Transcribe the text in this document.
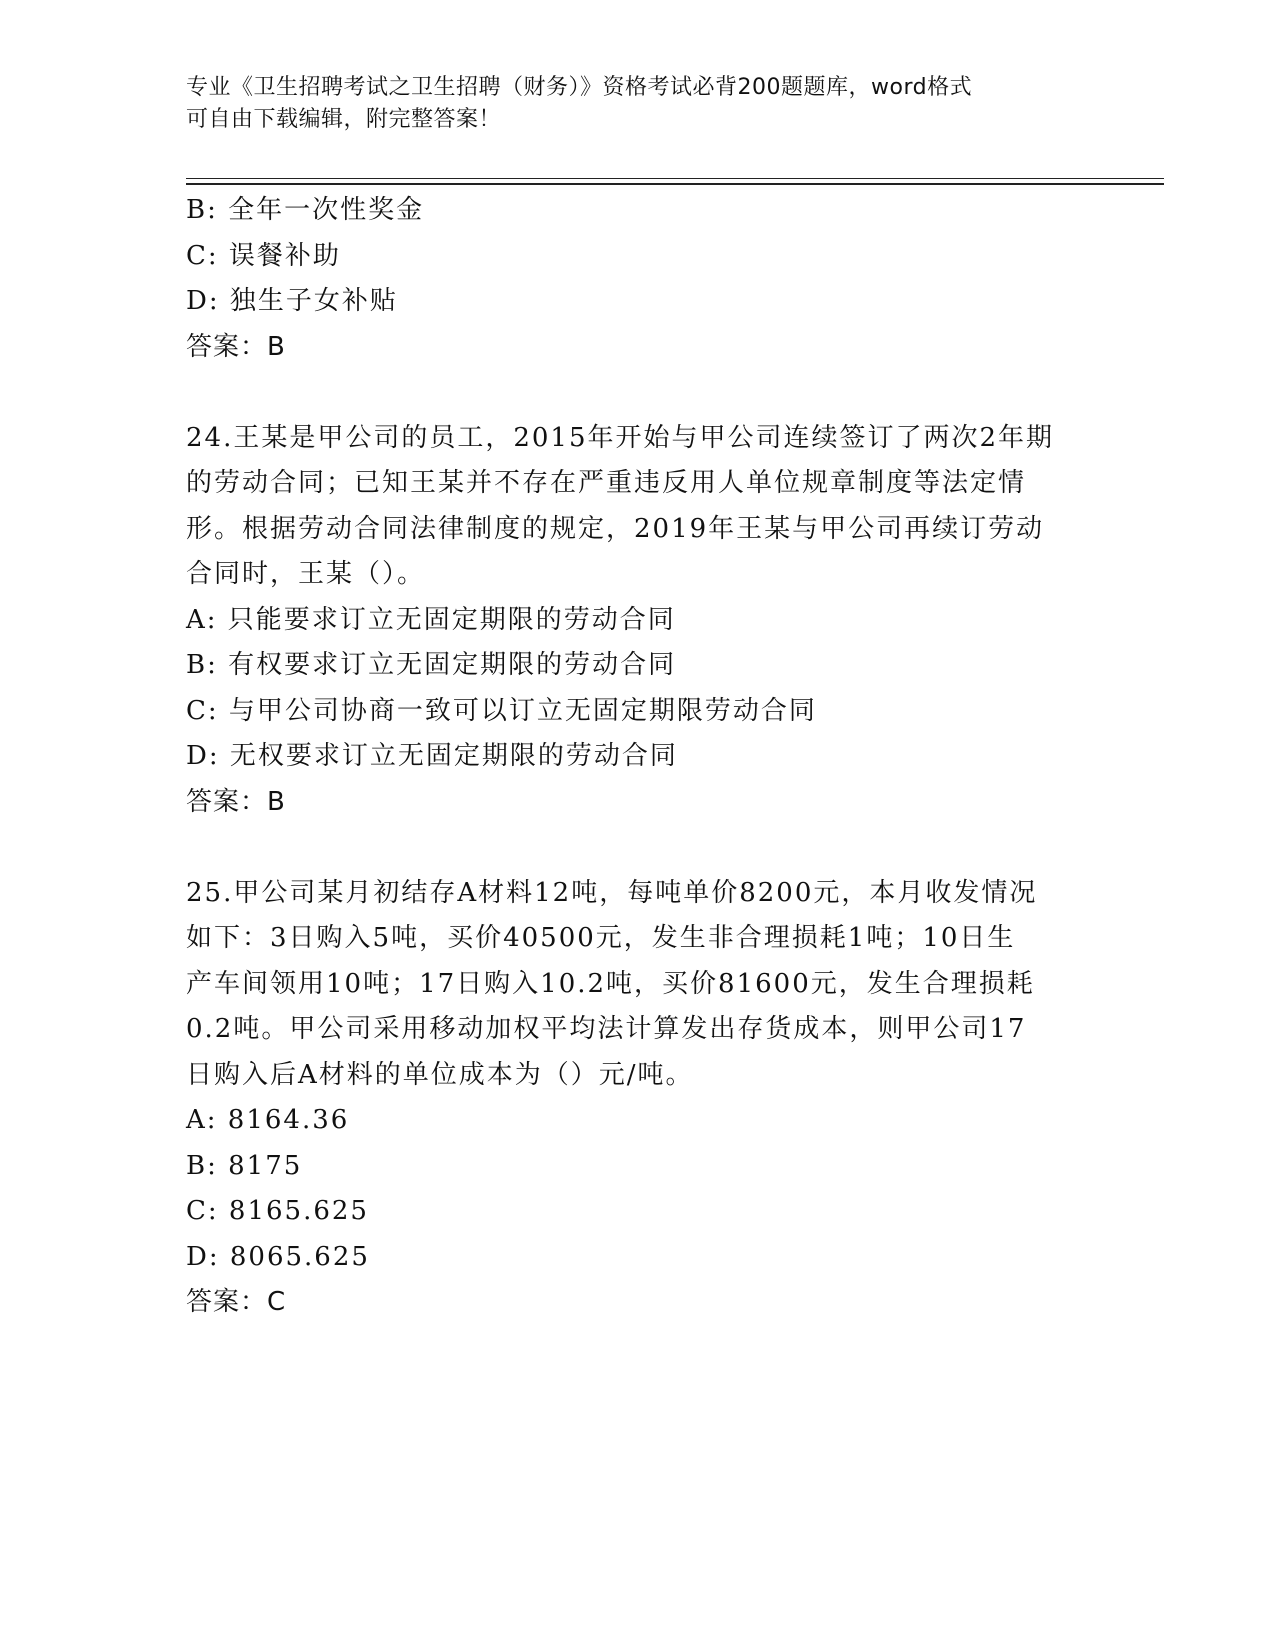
专业《卫生招聘考试之卫生招聘（财务）》资格考试必背200题题库，word格式
可自由下载编辑，附完整答案！
B: 全年一次性奖金
C: 误餐补助
D: 独生子女补贴
答案：B
24.王某是甲公司的员工，2015年开始与甲公司连续签订了两次2年期
的劳动合同；已知王某并不存在严重违反用人单位规章制度等法定情
形。根据劳动合同法律制度的规定，2019年王某与甲公司再续订劳动
合同时，王某（）。
A: 只能要求订立无固定期限的劳动合同
B: 有权要求订立无固定期限的劳动合同
C: 与甲公司协商一致可以订立无固定期限劳动合同
D: 无权要求订立无固定期限的劳动合同
答案：B
25.甲公司某月初结存A材料12吨，每吨单价8200元，本月收发情况
如下：3日购入5吨，买价40500元，发生非合理损耗1吨；10日生
产车间领用10吨；17日购入10.2吨，买价81600元，发生合理损耗
0.2吨。甲公司采用移动加权平均法计算发出存货成本，则甲公司17
日购入后A材料的单位成本为（）元/吨。
A: 8164.36
B: 8175
C: 8165.625
D: 8065.625
答案：C
